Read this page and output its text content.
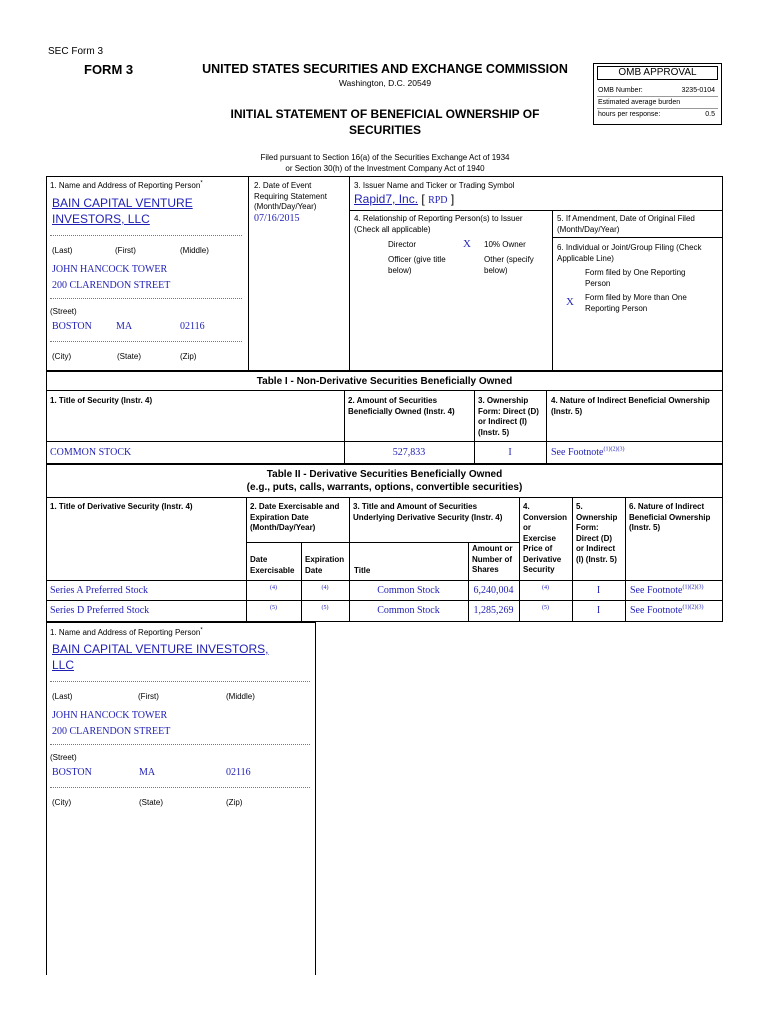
SEC Form 3
FORM 3	UNITED STATES SECURITIES AND EXCHANGE COMMISSION
Washington, D.C. 20549
INITIAL STATEMENT OF BENEFICIAL OWNERSHIP OF
SECURITIES
Filed pursuant to Section 16(a) of the Securities Exchange Act of 1934
or Section 30(h) of the Investment Company Act of 1940
OMB APPROVAL
OMB Number:	3235-0104
Estimated average burden
hours per response:	0.5
1. Name and Address of Reporting Person*
BAIN CAPITAL VENTURE
INVESTORS, LLC
(Last)	(First)	(Middle)
JOHN HANCOCK TOWER
200 CLARENDON STREET
(Street)
BOSTON MA	02116
(City)	(State)	(Zip)
2. Date of Event
Requiring Statement
(Month/Day/Year)
07/16/2015
3. Issuer Name and Ticker or Trading Symbol
Rapid7, Inc. [ RPD ]
4. Relationship of Reporting Person(s) to Issuer
(Check all applicable)
Director	X 10% Owner
Officer (give title
below)
Other (specify
below)
5. If Amendment, Date of Original Filed
(Month/Day/Year)
6. Individual or Joint/Group Filing (Check
Applicable Line)
Form filed by One Reporting
Person
X Form filed by More than One
Reporting Person
Table I - Non-Derivative Securities Beneficially Owned
1. Title of Security (Instr. 4)	2. Amount of Securities
Beneficially Owned (Instr. 4)
3. Ownership
Form: Direct (D)
or Indirect (I)
(Instr. 5)
4. Nature of Indirect Beneficial Ownership
(Instr. 5)
COMMON STOCK	527,833	I	See Footnote$^{(1)(2)(3)}$
Table II - Derivative Securities Beneficially Owned
(e.g., puts, calls, warrants, options, convertible securities)
1. Title of Derivative Security (Instr. 4)	2. Date Exercisable and
Expiration Date
(Month/Day/Year)
3. Title and Amount of Securities
Underlying Derivative Security (Instr. 4)
4.
Conversion
or
Exercise
Price of
Derivative
Security
5.
Ownership
Form:
Direct (D)
or Indirect
(I) (Instr. 5)
6. Nature of Indirect
Beneficial Ownership
(Instr. 5)
Date
Exercisable
Expiration
Date	Title
Amount or
Number of
Shares
Series A Preferred Stock	(4)	(4)	Common Stock	6,240,004	(4)	I	See Footnote$^{(1)(2)(3)}$
Series D Preferred Stock	(5)	(5)	Common Stock	1,285,269	(5)	I	See Footnote$^{(1)(2)(3)}$
1. Name and Address of Reporting Person*
BAIN CAPITAL VENTURE INVESTORS,
LLC
(Last)	(First)	(Middle)
JOHN HANCOCK TOWER
200 CLARENDON STREET
(Street)
BOSTON	MA	02116
(City)	(State)	(Zip)
